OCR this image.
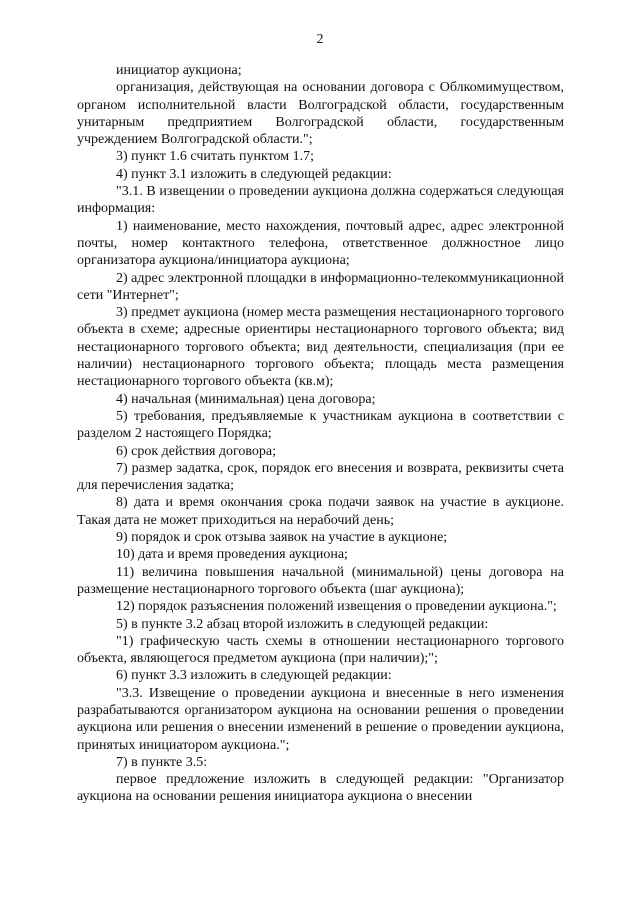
2

инициатор аукциона;

организация, действующая на основании договора с Облкомимуществом, органом исполнительной власти Волгоградской области, государственным унитарным предприятием Волгоградской области, государственным учреждением Волгоградской области.";

3) пункт 1.6 считать пунктом 1.7;

4) пункт 3.1 изложить в следующей редакции:

"3.1. В извещении о проведении аукциона должна содержаться следующая информация:

1) наименование, место нахождения, почтовый адрес, адрес электронной почты, номер контактного телефона, ответственное должностное лицо организатора аукциона/инициатора аукциона;

2) адрес электронной площадки в информационно-телекоммуникационной сети "Интернет";

3) предмет аукциона (номер места размещения нестационарного торгового объекта в схеме; адресные ориентиры нестационарного торгового объекта; вид нестационарного торгового объекта; вид деятельности, специализация (при ее наличии) нестационарного торгового объекта; площадь места размещения нестационарного торгового объекта (кв.м);

4) начальная (минимальная) цена договора;

5) требования, предъявляемые к участникам аукциона в соответствии с разделом 2 настоящего Порядка;

6) срок действия договора;

7) размер задатка, срок, порядок его внесения и возврата, реквизиты счета для перечисления задатка;

8) дата и время окончания срока подачи заявок на участие в аукционе. Такая дата не может приходиться на нерабочий день;

9) порядок и срок отзыва заявок на участие в аукционе;

10) дата и время проведения аукциона;

11) величина повышения начальной (минимальной) цены договора на размещение нестационарного торгового объекта (шаг аукциона);

12) порядок разъяснения положений извещения о проведении аукциона.";

5) в пункте 3.2 абзац второй изложить в следующей редакции:

"1) графическую часть схемы в отношении нестационарного торгового объекта, являющегося предметом аукциона (при наличии);";

6) пункт 3.3 изложить в следующей редакции:

"3.3. Извещение о проведении аукциона и внесенные в него изменения разрабатываются организатором аукциона на основании решения о проведении аукциона или решения о внесении изменений в решение о проведении аукциона, принятых инициатором аукциона.";

7) в пункте 3.5:

первое предложение изложить в следующей редакции: "Организатор аукциона на основании решения инициатора аукциона о внесении
